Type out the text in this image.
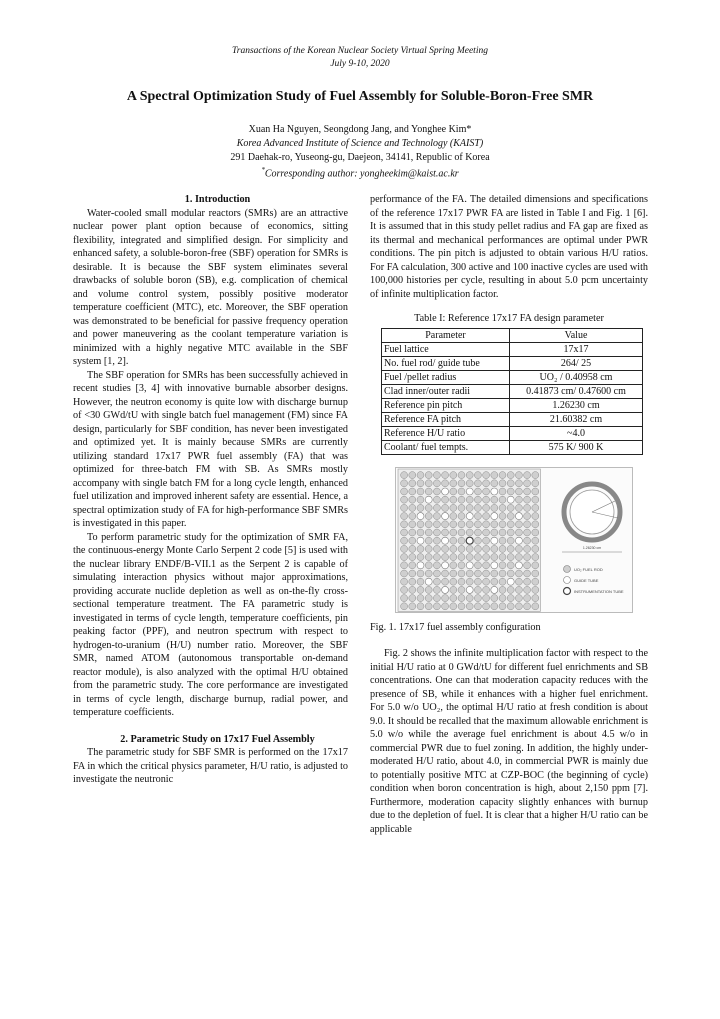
Transactions of the Korean Nuclear Society Virtual Spring Meeting
July 9-10, 2020
A Spectral Optimization Study of Fuel Assembly for Soluble-Boron-Free SMR
Xuan Ha Nguyen, Seongdong Jang, and Yonghee Kim*
Korea Advanced Institute of Science and Technology (KAIST)
291 Daehak-ro, Yuseong-gu, Daejeon, 34141, Republic of Korea
*Corresponding author: yongheekim@kaist.ac.kr

1. Introduction

Water-cooled small modular reactors (SMRs) are an attractive nuclear power plant option because of economics, sitting flexibility, integrated and simplified design. For simplicity and enhanced safety, a soluble-boron-free (SBF) operation for SMRs is desirable. It is because the SBF system eliminates several drawbacks of soluble boron (SB), e.g. complication of chemical and volume control system, possibly positive moderator temperature coefficient (MTC), etc. Moreover, the SBF operation was demonstrated to be beneficial for passive frequency operation and power maneuvering as the coolant temperature variation is minimized with a highly negative MTC available in the SBF system [1, 2].

The SBF operation for SMRs has been successfully achieved in recent studies [3, 4] with innovative burnable absorber designs. However, the neutron economy is quite low with discharge burnup of <30 GWd/tU with single batch fuel management (FM) since FA design, particularly for SBF condition, has never been investigated and optimized yet. It is mainly because SMRs are currently utilizing standard 17x17 PWR fuel assembly (FA) that was optimized for three-batch FM with SB. As SMRs mostly accompany with single batch FM for a long cycle length, enhanced fuel utilization and improved inherent safety are essential. Hence, a spectral optimization study of FA for high-performance SBF SMRs is investigated in this paper.

To perform parametric study for the optimization of SMR FA, the continuous-energy Monte Carlo Serpent 2 code [5] is used with the nuclear library ENDF/B-VII.1 as the Serpent 2 is capable of simulating interaction physics without major approximations, providing accurate nuclide depletion as well as on-the-fly cross-sectional temperature treatment. The FA parametric study is investigated in terms of cycle length, temperature coefficients, pin peaking factor (PPF), and neutron spectrum with respect to hydrogen-to-uranium (H/U) number ratio. Moreover, the SBF SMR, named ATOM (autonomous transportable on-demand reactor module), is also analyzed with the optimal H/U obtained from the parametric study. The core performance are investigated in terms of cycle length, discharge burnup, radial power, and temperature coefficients.

2. Parametric Study on 17x17 Fuel Assembly

The parametric study for SBF SMR is performed on the 17x17 FA in which the critical physics parameter, H/U ratio, is adjusted to investigate the neutronic

performance of the FA. The detailed dimensions and specifications of the reference 17x17 PWR FA are listed in Table I and Fig. 1 [6]. It is assumed that in this study pellet radius and FA gap are fixed as its thermal and mechanical performances are optimal under PWR conditions. The pin pitch is adjusted to obtain various H/U ratios. For FA calculation, 300 active and 100 inactive cycles are used with 100,000 histories per cycle, resulting in about 5.0 pcm uncertainty of infinite multiplication factor.

Table I: Reference 17x17 FA design parameter
Parameter	Value
Fuel lattice	17x17
No. fuel rod/ guide tube	264/ 25
Fuel /pellet radius	UO₂ / 0.40958 cm
Clad inner/outer radii	0.41873 cm/ 0.47600 cm
Reference pin pitch	1.26230 cm
Reference FA pitch	21.60382 cm
Reference H/U ratio	~4.0
Coolant/ fuel tempts.	575 K/ 900 K
1.26230 cm
UO₂ FUEL ROD
GUIDE TUBE
INSTRUMENTATION TUBE
Fig. 1. 17x17 fuel assembly configuration

Fig. 2 shows the infinite multiplication factor with respect to the initial H/U ratio at 0 GWd/tU for different fuel enrichments and SB concentrations. One can that moderation capacity reduces with the presence of SB, while it enhances with a higher fuel enrichment. For 5.0 w/o UO₂, the optimal H/U ratio at fresh condition is about 9.0. It should be recalled that the maximum allowable enrichment is 5.0 w/o while the average fuel enrichment is about 4.5 w/o in commercial PWR due to fuel zoning. In addition, the highly under-moderated H/U ratio, about 4.0, in commercial PWR is mainly due to potentially positive MTC at CZP-BOC (the beginning of cycle) condition when boron concentration is high, about 2,150 ppm [7]. Furthermore, moderation capacity slightly enhances with burnup due to the depletion of fuel. It is clear that a higher H/U ratio can be applicable
